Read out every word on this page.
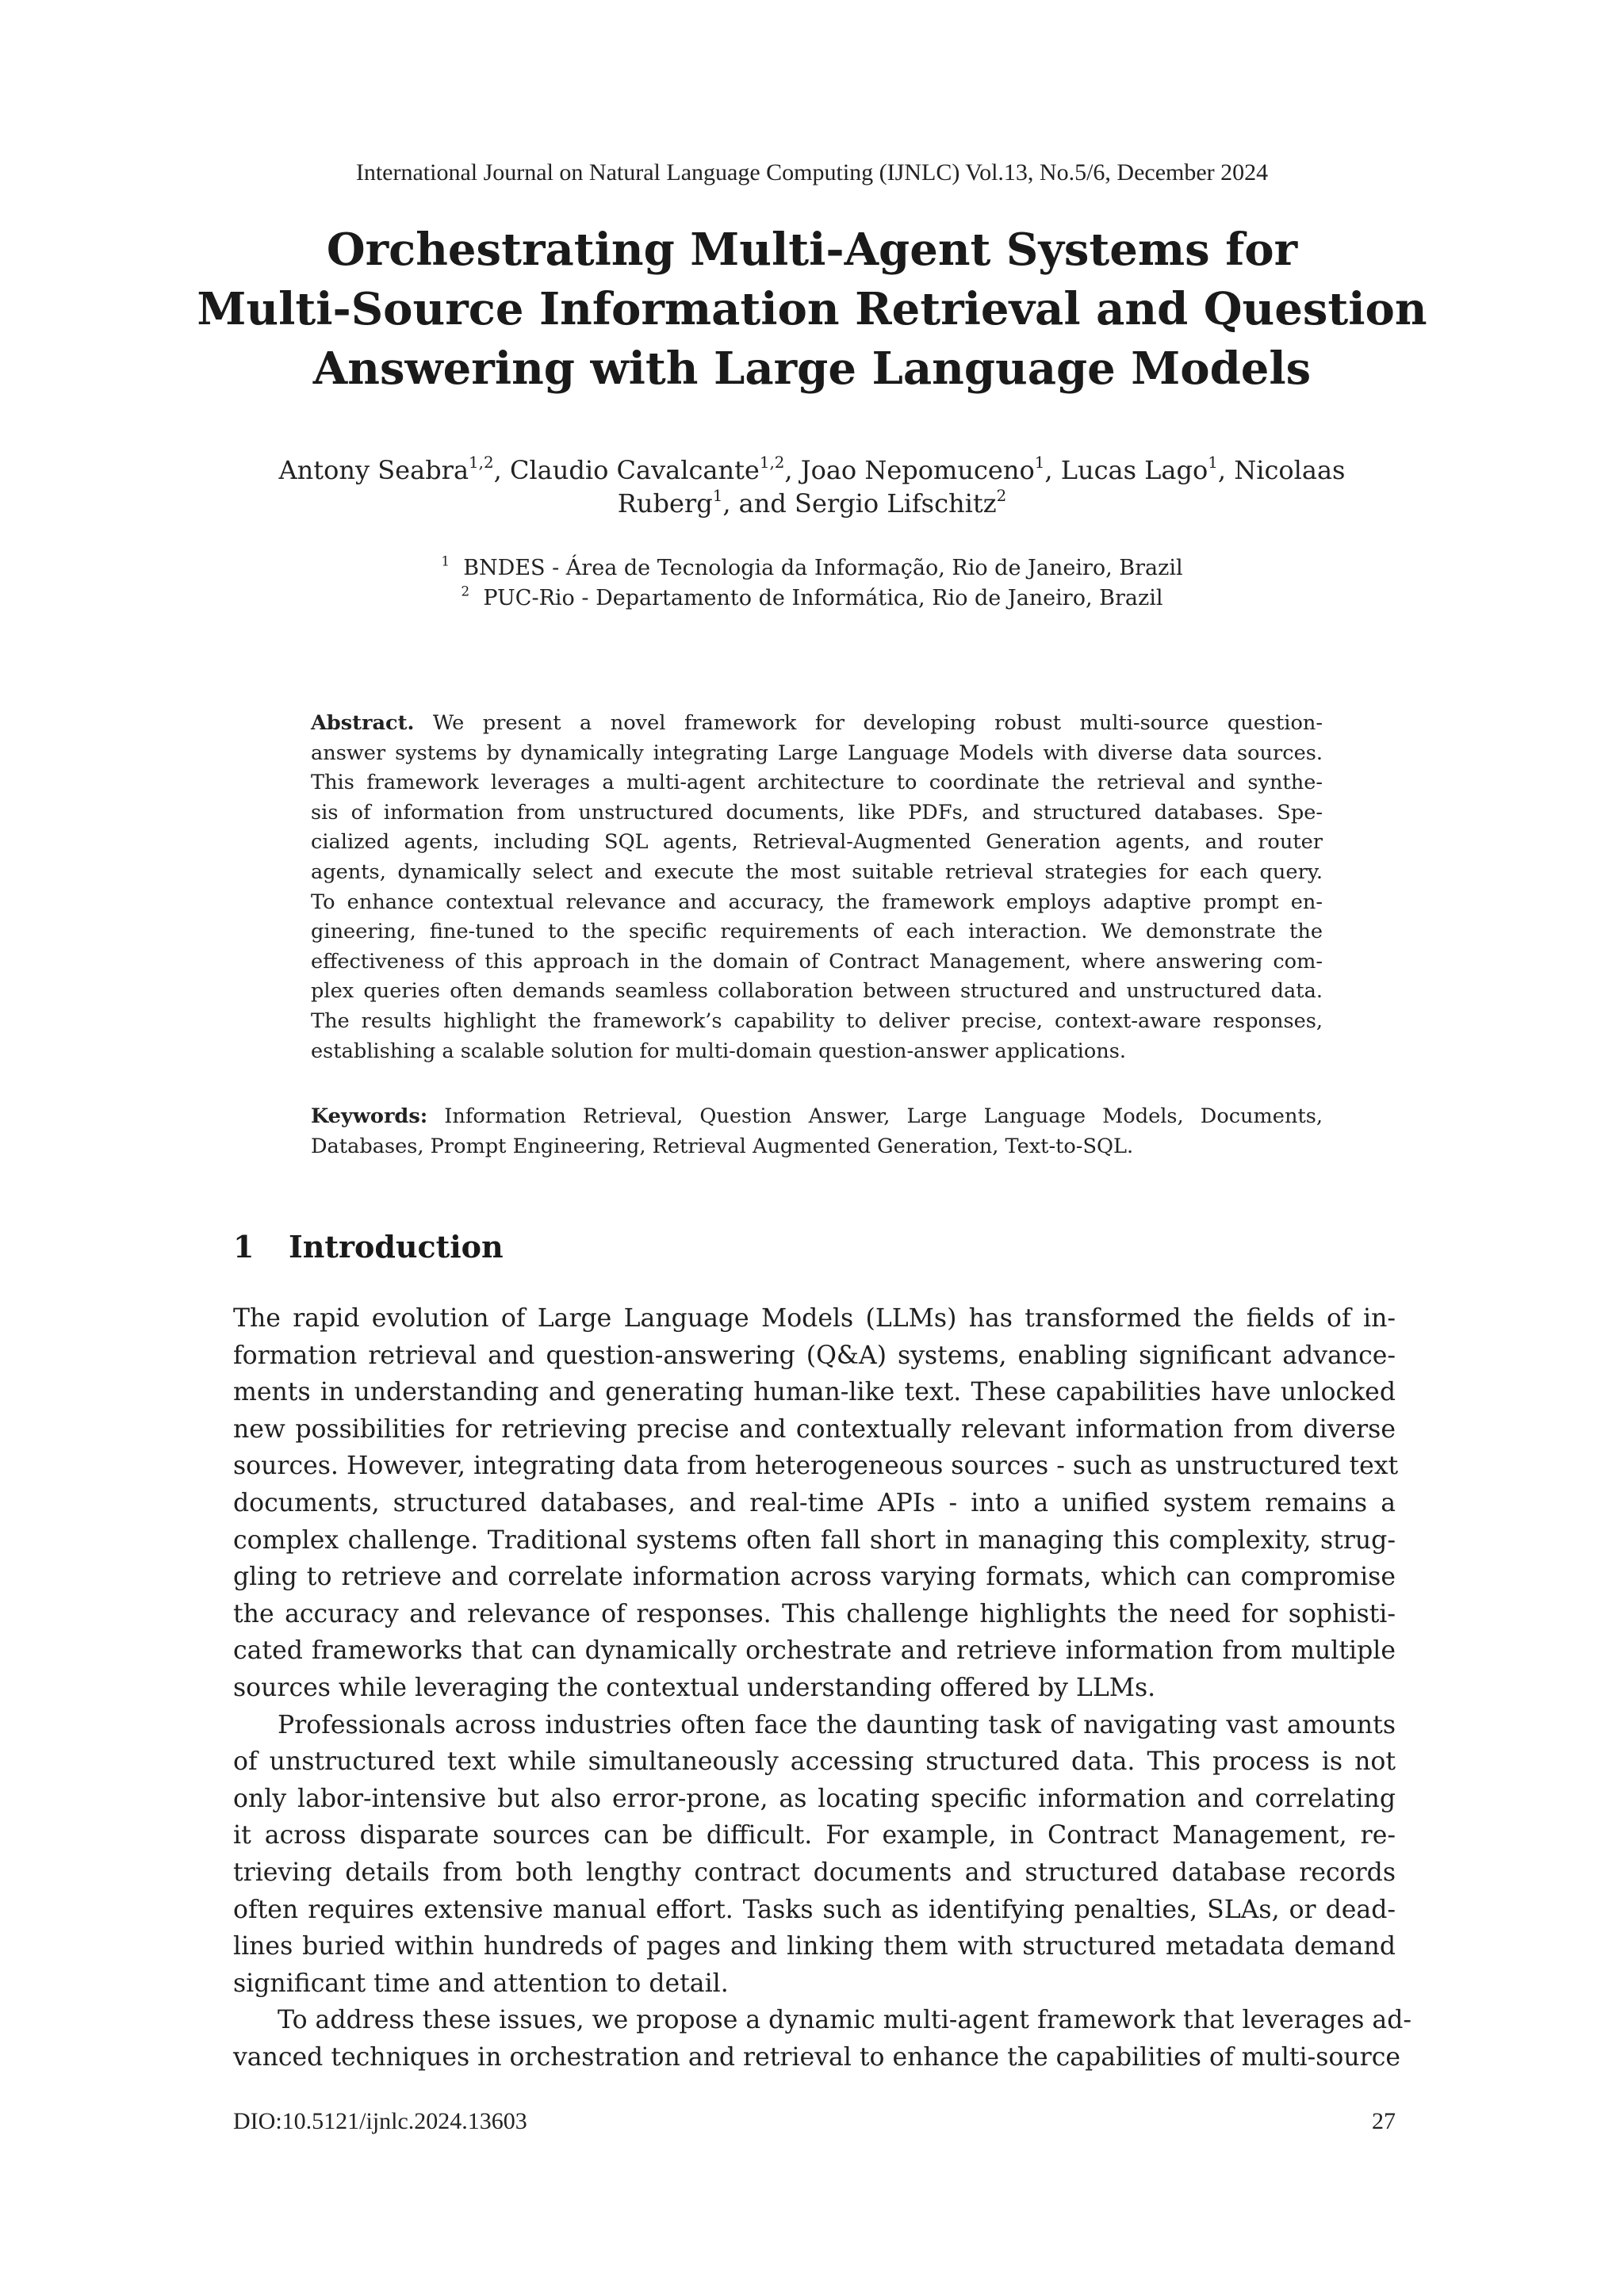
International Journal on Natural Language Computing (IJNLC) Vol.13, No.5/6, December 2024
Orchestrating Multi-Agent Systems for
Multi-Source Information Retrieval and Question
Answering with Large Language Models
Antony Seabra$^{1,2}$, Claudio Cavalcante$^{1,2}$, Joao Nepomuceno$^1$, Lucas Lago$^1$, Nicolaas
Ruberg$^1$, and Sergio Lifschitz$^2$
$^1$ BNDES - Área de Tecnologia da Informação, Rio de Janeiro, Brazil
$^2$ PUC-Rio - Departamento de Informática, Rio de Janeiro, Brazil
Abstract. We present a novel framework for developing robust multi-source question-
answer systems by dynamically integrating Large Language Models with diverse data sources.
This framework leverages a multi-agent architecture to coordinate the retrieval and synthe-
sis of information from unstructured documents, like PDFs, and structured databases. Spe-
cialized agents, including SQL agents, Retrieval-Augmented Generation agents, and router
agents, dynamically select and execute the most suitable retrieval strategies for each query.
To enhance contextual relevance and accuracy, the framework employs adaptive prompt en-
gineering, fine-tuned to the specific requirements of each interaction. We demonstrate the
effectiveness of this approach in the domain of Contract Management, where answering com-
plex queries often demands seamless collaboration between structured and unstructured data.
The results highlight the framework’s capability to deliver precise, context-aware responses,
establishing a scalable solution for multi-domain question-answer applications.
Keywords: Information Retrieval, Question Answer, Large Language Models, Documents,
Databases, Prompt Engineering, Retrieval Augmented Generation, Text-to-SQL.
1 Introduction
The rapid evolution of Large Language Models (LLMs) has transformed the fields of in-
formation retrieval and question-answering (Q&A) systems, enabling significant advance-
ments in understanding and generating human-like text. These capabilities have unlocked
new possibilities for retrieving precise and contextually relevant information from diverse
sources. However, integrating data from heterogeneous sources - such as unstructured text
documents, structured databases, and real-time APIs - into a unified system remains a
complex challenge. Traditional systems often fall short in managing this complexity, strug-
gling to retrieve and correlate information across varying formats, which can compromise
the accuracy and relevance of responses. This challenge highlights the need for sophisti-
cated frameworks that can dynamically orchestrate and retrieve information from multiple
sources while leveraging the contextual understanding offered by LLMs.
Professionals across industries often face the daunting task of navigating vast amounts
of unstructured text while simultaneously accessing structured data. This process is not
only labor-intensive but also error-prone, as locating specific information and correlating
it across disparate sources can be difficult. For example, in Contract Management, re-
trieving details from both lengthy contract documents and structured database records
often requires extensive manual effort. Tasks such as identifying penalties, SLAs, or dead-
lines buried within hundreds of pages and linking them with structured metadata demand
significant time and attention to detail.
To address these issues, we propose a dynamic multi-agent framework that leverages ad-
vanced techniques in orchestration and retrieval to enhance the capabilities of multi-source
DIO:10.5121/ijnlc.2024.13603	27
